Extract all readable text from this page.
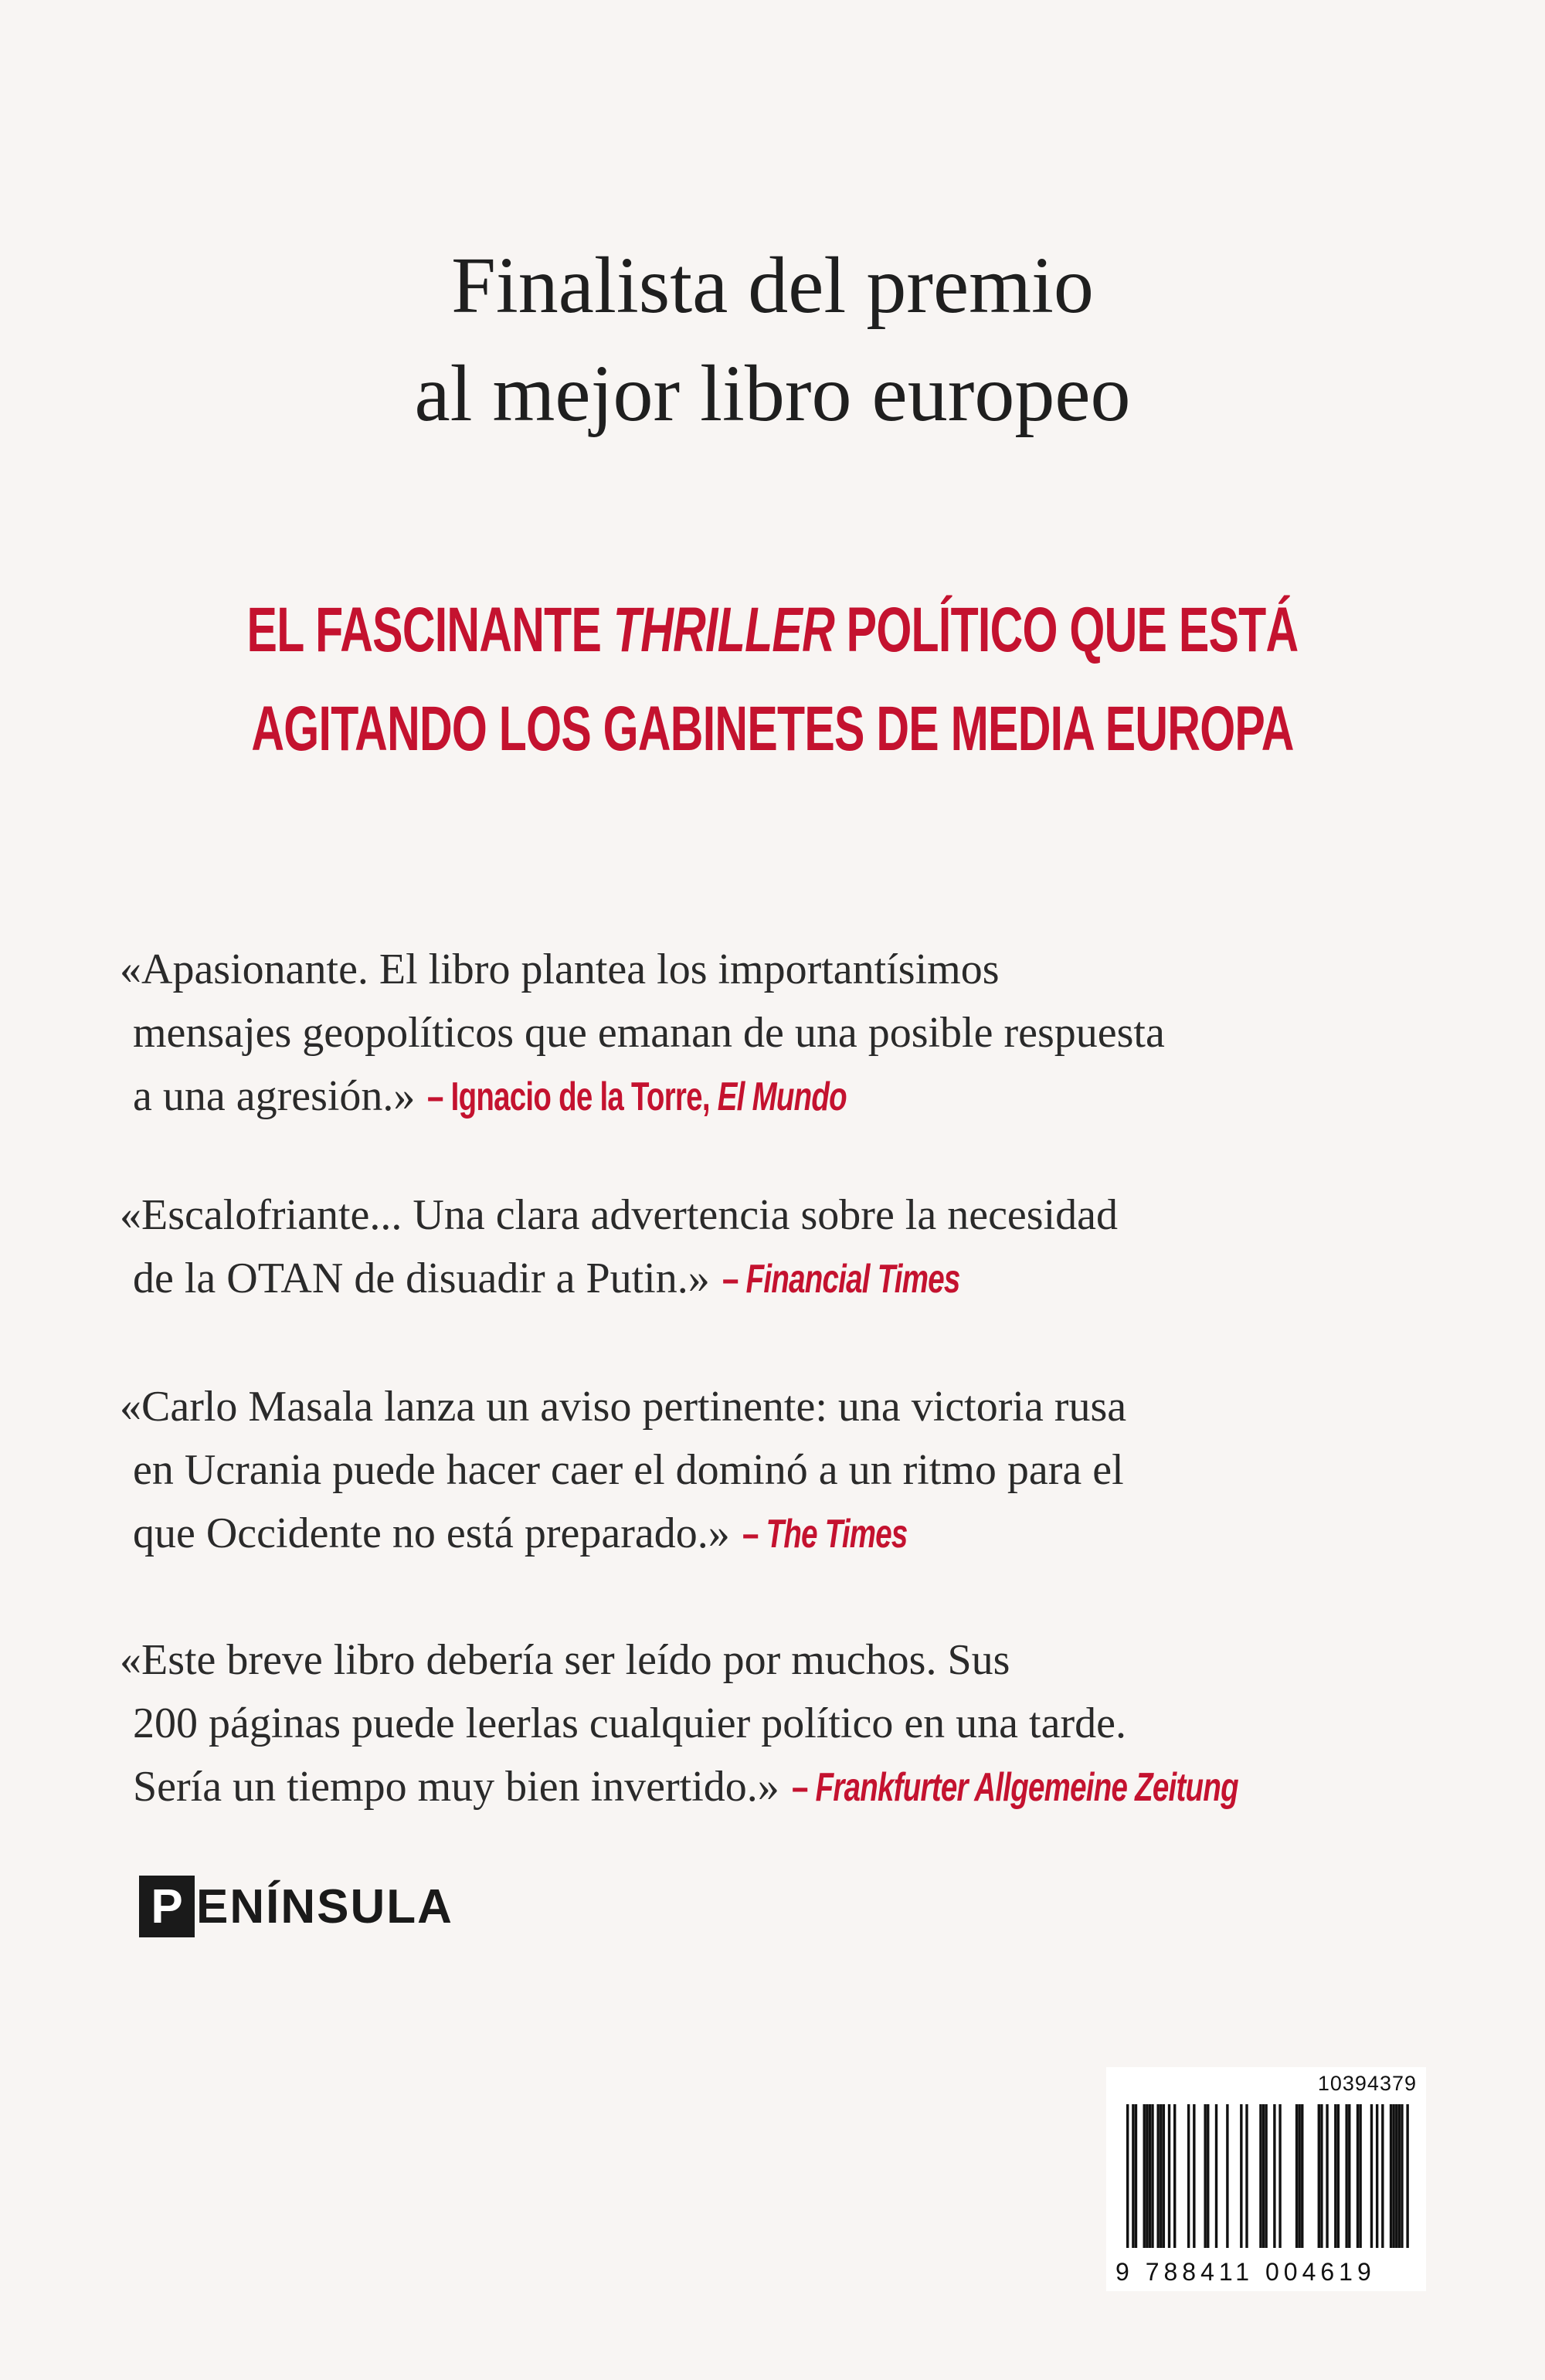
Finalista del premio
al mejor libro europeo
EL FASCINANTE THRILLER POLÍTICO QUE ESTÁ
AGITANDO LOS GABINETES DE MEDIA EUROPA
«Apasionante. El libro plantea los importantísimos
mensajes geopolíticos que emanan de una posible respuesta
a una agresión.» – Ignacio de la Torre, El Mundo
«Escalofriante... Una clara advertencia sobre la necesidad
de la OTAN de disuadir a Putin.» – Financial Times
«Carlo Masala lanza un aviso pertinente: una victoria rusa
en Ucrania puede hacer caer el dominó a un ritmo para el
que Occidente no está preparado.» – The Times
«Este breve libro debería ser leído por muchos. Sus
200 páginas puede leerlas cualquier político en una tarde.
Sería un tiempo muy bien invertido.» – Frankfurter Allgemeine Zeitung
P ENÍNSULA
10394379
9 788411 004619
